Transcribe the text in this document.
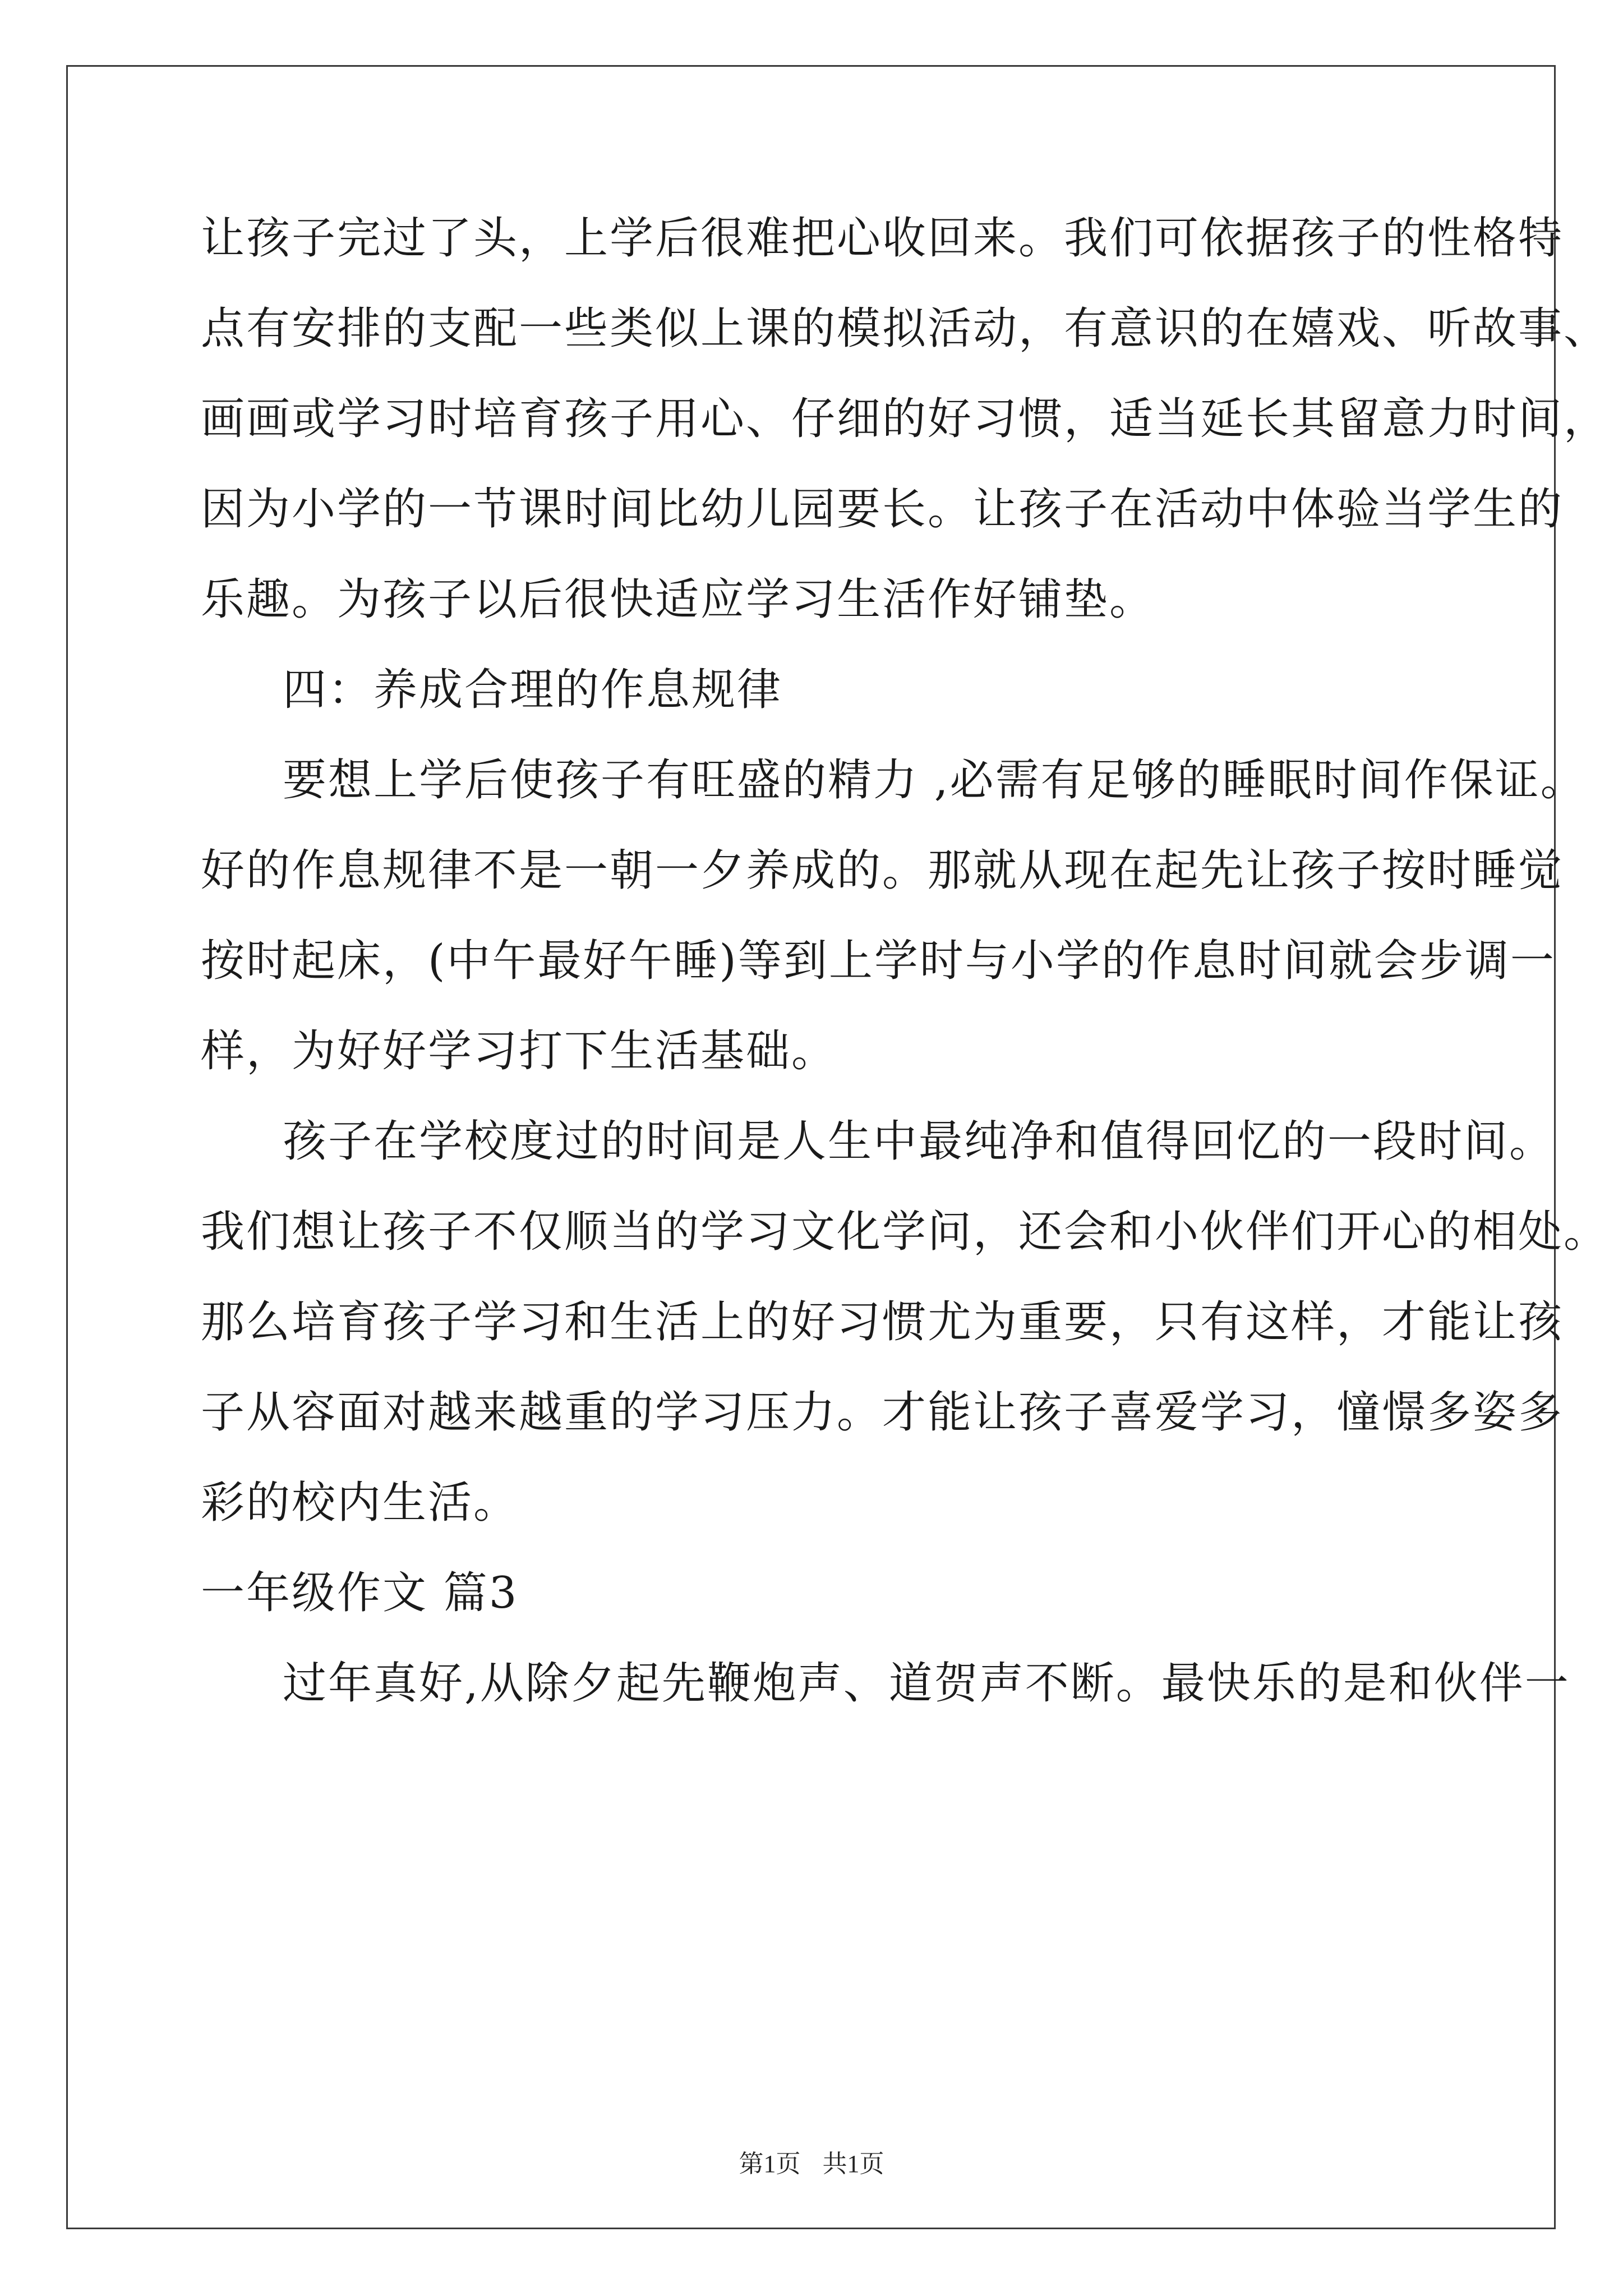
让孩子完过了头，上学后很难把心收回来。我们可依据孩子的性格特
点有安排的支配一些类似上课的模拟活动，有意识的在嬉戏、听故事、
画画或学习时培育孩子用心、仔细的好习惯，适当延长其留意力时间，
因为小学的一节课时间比幼儿园要长。让孩子在活动中体验当学生的
乐趣。为孩子以后很快适应学习生活作好铺垫。
四：养成合理的作息规律
要想上学后使孩子有旺盛的精力 ,必需有足够的睡眠时间作保证。
好的作息规律不是一朝一夕养成的。那就从现在起先让孩子按时睡觉
按时起床，(中午最好午睡)等到上学时与小学的作息时间就会步调一
样，为好好学习打下生活基础。
孩子在学校度过的时间是人生中最纯净和值得回忆的一段时间。
我们想让孩子不仅顺当的学习文化学问，还会和小伙伴们开心的相处。
那么培育孩子学习和生活上的好习惯尤为重要，只有这样，才能让孩
子从容面对越来越重的学习压力。才能让孩子喜爱学习，憧憬多姿多
彩的校内生活。
一年级作文 篇3
过年真好,从除夕起先鞭炮声、道贺声不断。最快乐的是和伙伴一
第1页 共1页
